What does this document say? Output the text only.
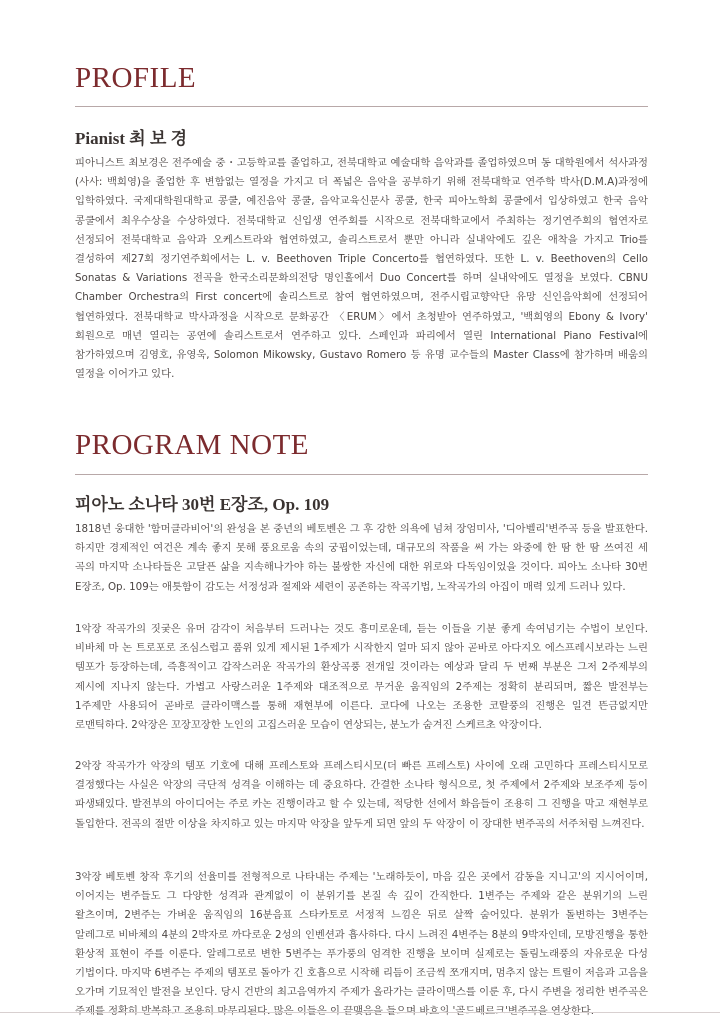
PROFILE
Pianist 최 보 경

피아니스트 최보경은 전주예술 중・고등학교를 졸업하고, 전북대학교 예술대학 음악과를 졸업하였으며 동 대학원에서 석사과정(사사: 백희영)을 졸업한 후 변함없는 열정을 가지고 더 폭넓은 음악을 공부하기 위해 전북대학교 연주학 박사(D.M.A)과정에 입학하였다. 국제대학원대학교 콩쿨, 예진음악 콩쿨, 음악교육신문사 콩쿨, 한국 피아노학회 콩쿨에서 입상하였고 한국 음악 콩쿨에서 최우수상을 수상하였다. 전북대학교 신입생 연주회를 시작으로 전북대학교에서 주최하는 정기연주회의 협연자로 선정되어 전북대학교 음악과 오케스트라와 협연하였고, 솔리스트로서 뿐만 아니라 실내악에도 깊은 애착을 가지고 Trio를 결성하여 제27회 정기연주회에서는 L. v. Beethoven Triple Concerto를 협연하였다. 또한 L. v. Beethoven의 Cello Sonatas & Variations 전곡을 한국소리문화의전당 명인홀에서 Duo Concert를 하며 실내악에도 열정을 보였다. CBNU Chamber Orchestra의 First concert에 솔리스트로 참여 협연하였으며, 전주시립교향악단 유망 신인음악회에 선정되어 협연하였다. 전북대학교 박사과정을 시작으로 문화공간 〈ERUM〉에서 초청받아 연주하였고, '백희영의 Ebony & Ivory' 회원으로 매년 열리는 공연에 솔리스트로서 연주하고 있다. 스페인과 파리에서 열린 International Piano Festival에 참가하였으며 김영호, 유영욱, Solomon Mikowsky, Gustavo Romero 등 유명 교수들의 Master Class에 참가하며 배움의 열정을 이어가고 있다.

PROGRAM NOTE
피아노 소나타 30번 E장조, Op. 109

1818년 웅대한 '함머클라비어'의 완성을 본 중년의 베토벤은 그 후 강한 의욕에 넘쳐 장엄미사, '디아벨리'변주곡 등을 발표한다. 하지만 경제적인 여건은 계속 좋지 못해 풍요로움 속의 궁핍이었는데, 대규모의 작품을 써 가는 와중에 한 땀 한 땀 쓰여진 세 곡의 마지막 소나타들은 고달픈 삶을 지속해나가야 하는 불쌍한 자신에 대한 위로와 다독임이었을 것이다. 피아노 소나타 30번 E장조, Op. 109는 애틋함이 감도는 서정성과 절제와 세련이 공존하는 작곡기법, 노작곡가의 아집이 매력 있게 드러나 있다.

1악장 작곡가의 짓궂은 유머 감각이 처음부터 드러나는 것도 흥미로운데, 듣는 이들을 기분 좋게 속여넘기는 수법이 보인다. 비바체 마 논 트로포로 조심스럽고 품위 있게 제시된 1주제가 시작한지 얼마 되지 않아 곧바로 아다지오 에스프레시보라는 느린 템포가 등장하는데, 즉흥적이고 갑작스러운 작곡가의 환상곡풍 전개일 것이라는 예상과 달리 두 번째 부분은 그저 2주제부의 제시에 지나지 않는다. 가볍고 사랑스러운 1주제와 대조적으로 무거운 움직임의 2주제는 정확히 분리되며, 짧은 발전부는 1주제만 사용되어 곧바로 클라이맥스를 통해 재현부에 이른다. 코다에 나오는 조용한 코랄풍의 진행은 일견 뜬금없지만 로맨틱하다. 2악장은 꼬장꼬장한 노인의 고집스러운 모습이 연상되는, 분노가 숨겨진 스케르초 악장이다.

2악장 작곡가가 악장의 템포 기호에 대해 프레스토와 프레스티시모(더 빠른 프레스토) 사이에 오래 고민하다 프레스티시모로 결정했다는 사실은 악장의 극단적 성격을 이해하는 데 중요하다. 간결한 소나타 형식으로, 첫 주제에서 2주제와 보조주제 등이 파생돼있다. 발전부의 아이디어는 주로 카논 진행이라고 할 수 있는데, 적당한 선에서 화음들이 조용히 그 진행을 막고 재현부로 돌입한다. 전곡의 절반 이상을 차지하고 있는 마지막 악장을 앞두게 되면 앞의 두 악장이 이 장대한 변주곡의 서주처럼 느껴진다.

3악장 베토벤 창작 후기의 선율미를 전형적으로 나타내는 주제는 '노래하듯이, 마음 깊은 곳에서 감동을 지니고'의 지시어이며, 이어지는 변주들도 그 다양한 성격과 관계없이 이 분위기를 본질 속 깊이 간직한다. 1변주는 주제와 같은 분위기의 느린 왈츠이며, 2변주는 가벼운 움직임의 16분음표 스타카토로 서정적 느낌은 뒤로 살짝 숨어있다. 분위가 돌변하는 3변주는 알레그로 비바체의 4분의 2박자로 까다로운 2성의 인벤션과 흡사하다. 다시 느려진 4변주는 8분의 9박자인데, 모방진행을 통한 환상적 표현이 주를 이룬다. 알레그로로 변한 5변주는 푸가풍의 엄격한 진행을 보이며 실제로는 돌림노래풍의 자유로운 다성 기법이다. 마지막 6변주는 주제의 템포로 돌아가 긴 호흡으로 시작해 리듬이 조금씩 쪼개지며, 멈추지 않는 트릴이 저음과 고음을 오가며 기묘적인 발전을 보인다. 당시 건반의 최고음역까지 주제가 올라가는 클라이맥스를 이룬 후, 다시 주변을 정리한 변주곡은
